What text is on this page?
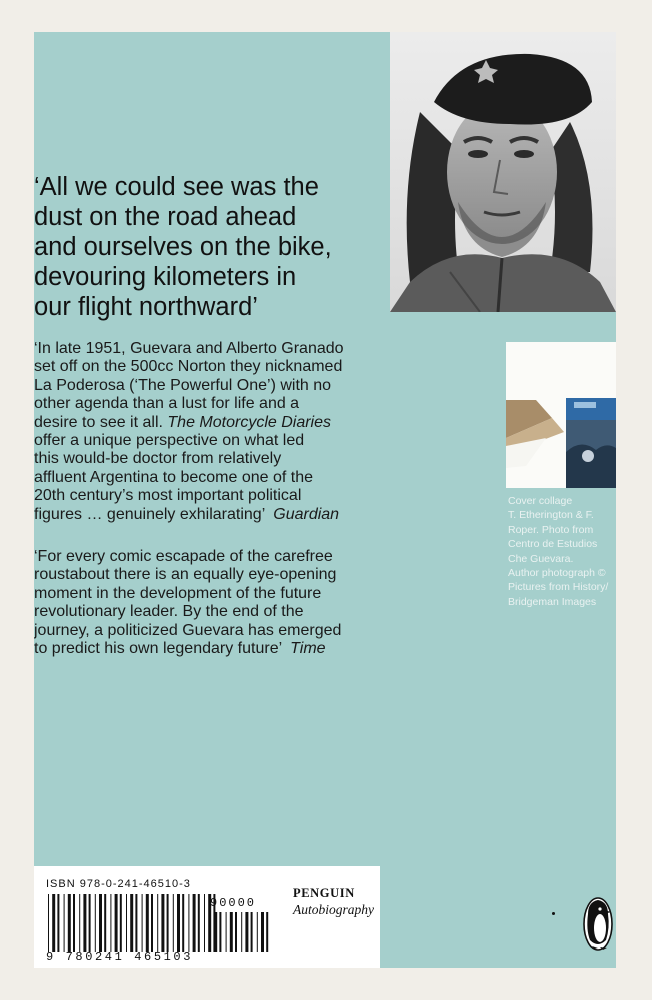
‘All we could see was the
dust on the road ahead
and ourselves on the bike,
devouring kilometers in
our flight northward’
‘In late 1951, Guevara and Alberto Granado
set off on the 500cc Norton they nicknamed
La Poderosa (‘The Powerful One’) with no
other agenda than a lust for life and a
desire to see it all. The Motorcycle Diaries
offer a unique perspective on what led
this would-be doctor from relatively
affluent Argentina to become one of the
20th century’s most important political
figures … genuinely exhilarating’ Guardian
‘For every comic escapade of the carefree
roustabout there is an equally eye-opening
moment in the development of the future
revolutionary leader. By the end of the
journey, a politicized Guevara has emerged
to predict his own legendary future’ Time
Cover collage
T. Etherington & F.
Roper. Photo from
Centro de Estudios
Che Guevara.
Author photograph ©
Pictures from History/
Bridgeman Images
ISBN 978-0-241-46510-3
90000
9 780241 465103
PENGUIN
Autobiography
